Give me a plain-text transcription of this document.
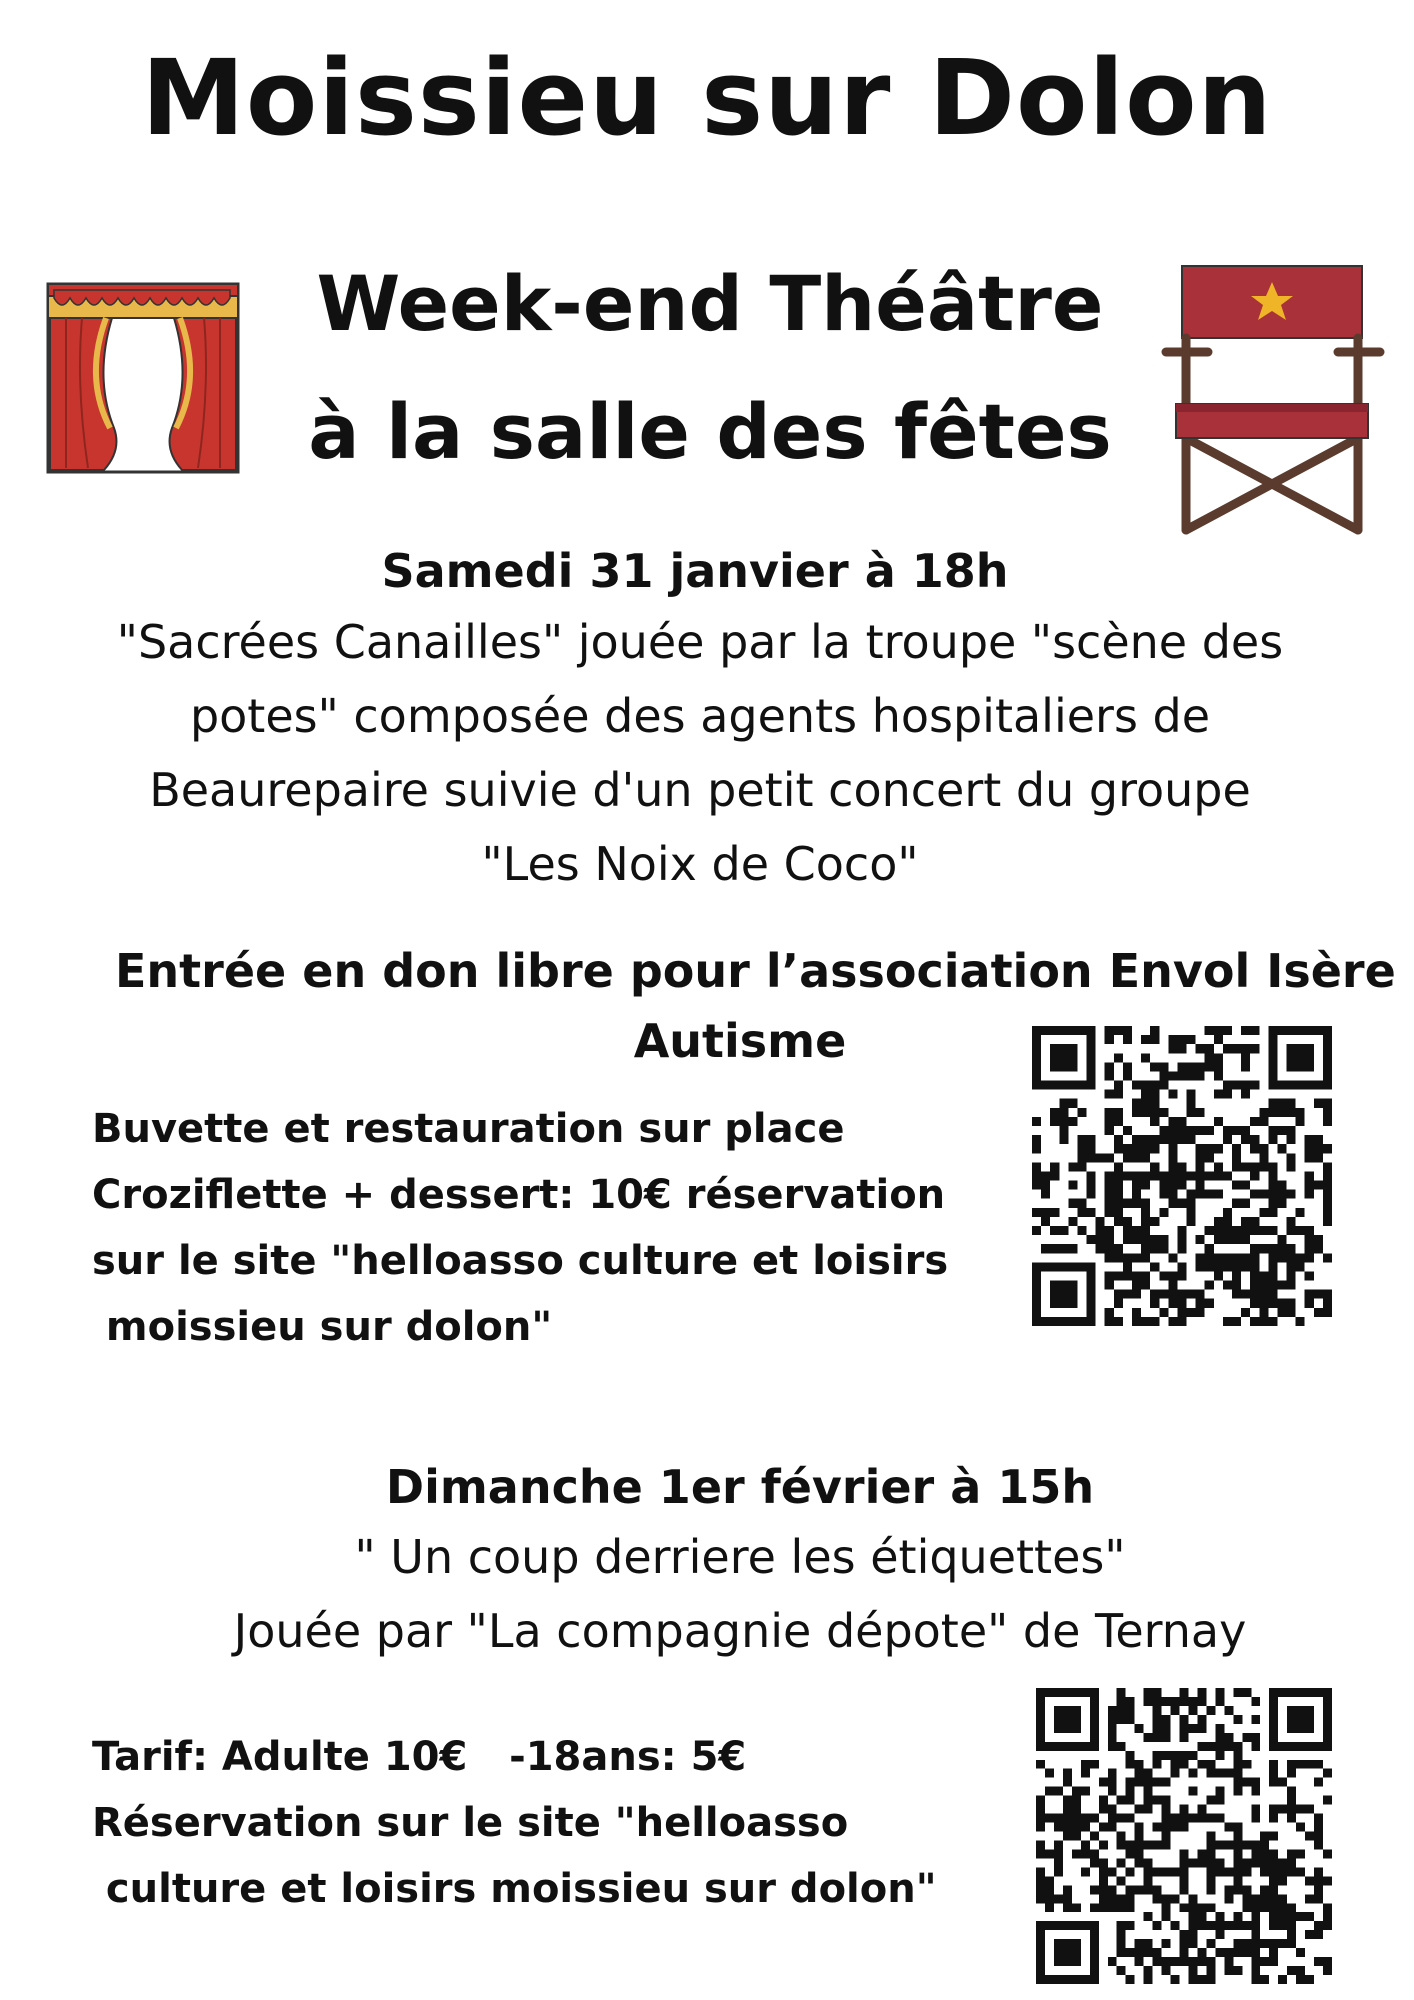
Moissieu sur Dolon
Week-end Théâtre
à la salle des fêtes
Samedi 31 janvier à 18h
"Sacrées Canailles" jouée par la troupe "scène des
potes" composée des agents hospitaliers de
Beaurepaire suivie d'un petit concert du groupe
"Les Noix de Coco"
Entrée en don libre pour l’association Envol Isère
Autisme
Buvette et restauration sur place
Croziflette + dessert: 10€ réservation
sur le site "helloasso culture et loisirs
moissieu sur dolon"
Dimanche 1er février à 15h
" Un coup derriere les étiquettes"
Jouée par "La compagnie dépote" de Ternay
Tarif: Adulte 10€   -18ans: 5€
Réservation sur le site "helloasso
culture et loisirs moissieu sur dolon"
